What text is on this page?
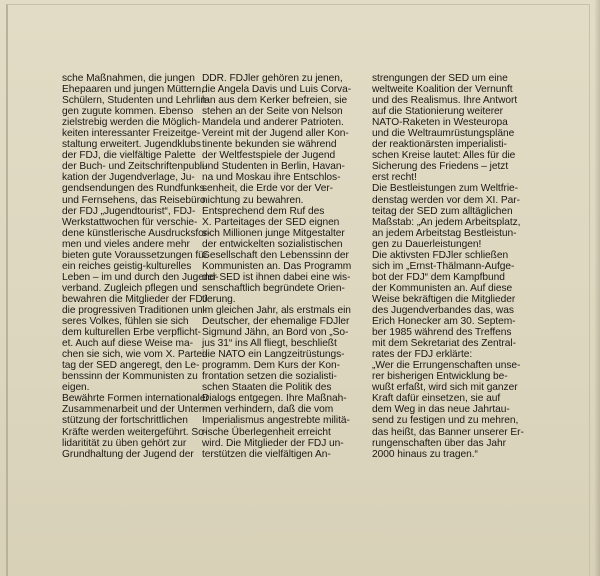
sche Maßnahmen, die jungen
Ehepaaren und jungen Müttern,
Schülern, Studenten und Lehrlin-
gen zugute kommen. Ebenso
zielstrebig werden die Möglich-
keiten interessanter Freizeitge-
staltung erweitert. Jugendklubs
der FDJ, die vielfältige Palette
der Buch- und Zeitschriftenpubli-
kation der Jugendverlage, Ju-
gendsendungen des Rundfunks
und Fernsehens, das Reisebüro
der FDJ „Jugendtourist“, FDJ-
Werkstattwochen für verschie-
dene künstlerische Ausdrucksfor-
men und vieles andere mehr
bieten gute Voraussetzungen für
ein reiches geistig-kulturelles
Leben – im und durch den Jugend-
verband. Zugleich pflegen und
bewahren die Mitglieder der FDJ
die progressiven Traditionen un-
seres Volkes, fühlen sie sich
dem kulturellen Erbe verpflicht-
et. Auch auf diese Weise ma-
chen sie sich, wie vom X. Partei-
tag der SED angeregt, den Le-
benssinn der Kommunisten zu
eigen.
Bewährte Formen internationaler
Zusammenarbeit und der Unter-
stützung der fortschrittlichen
Kräfte werden weitergeführt. So-
lidaritität zu üben gehört zur
Grundhaltung der Jugend der
DDR. FDJler gehören zu jenen,
die Angela Davis und Luis Corva-
lan aus dem Kerker befreien, sie
stehen an der Seite von Nelson
Mandela und anderer Patrioten.
Vereint mit der Jugend aller Kon-
tinente bekunden sie während
der Weltfestspiele der Jugend
und Studenten in Berlin, Havan-
na und Moskau ihre Entschlos-
senheit, die Erde vor der Ver-
nichtung zu bewahren.
Entsprechend dem Ruf des
X. Parteitages der SED eignen
sich Millionen junge Mitgestalter
der entwickelten sozialistischen
Gesellschaft den Lebenssinn der
Kommunisten an. Das Programm
der SED ist ihnen dabei eine wis-
senschaftlich begründete Orien-
tierung.
Im gleichen Jahr, als erstmals ein
Deutscher, der ehemalige FDJler
Sigmund Jähn, an Bord von „So-
jus 31“ ins All fliegt, beschließt
die NATO ein Langzeitrüstungs-
programm. Dem Kurs der Kon-
frontation setzen die sozialisti-
schen Staaten die Politik des
Dialogs entgegen. Ihre Maßnah-
men verhindern, daß die vom
Imperialismus angestrebte militä-
rische Überlegenheit erreicht
wird. Die Mitglieder der FDJ un-
terstützen die vielfältigen An-
strengungen der SED um eine
weltweite Koalition der Vernunft
und des Realismus. Ihre Antwort
auf die Stationierung weiterer
NATO-Raketen in Westeuropa
und die Weltraumrüstungspläne
der reaktionärsten imperialisti-
schen Kreise lautet: Alles für die
Sicherung des Friedens – jetzt
erst recht!
Die Bestleistungen zum Weltfrie-
denstag werden vor dem XI. Par-
teitag der SED zum alltäglichen
Maßstab: „An jedem Arbeitsplatz,
an jedem Arbeitstag Bestleistun-
gen zu Dauerleistungen!
Die aktivsten FDJler schließen
sich im „Ernst-Thälmann-Aufge-
bot der FDJ“ dem Kampfbund
der Kommunisten an. Auf diese
Weise bekräftigen die Mitglieder
des Jugendverbandes das, was
Erich Honecker am 30. Septem-
ber 1985 während des Treffens
mit dem Sekretariat des Zentral-
rates der FDJ erklärte:
„Wer die Errungenschaften unse-
rer bisherigen Entwicklung be-
wußt erfaßt, wird sich mit ganzer
Kraft dafür einsetzen, sie auf
dem Weg in das neue Jahrtau-
send zu festigen und zu mehren,
das heißt, das Banner unserer Er-
rungenschaften über das Jahr
2000 hinaus zu tragen.“
